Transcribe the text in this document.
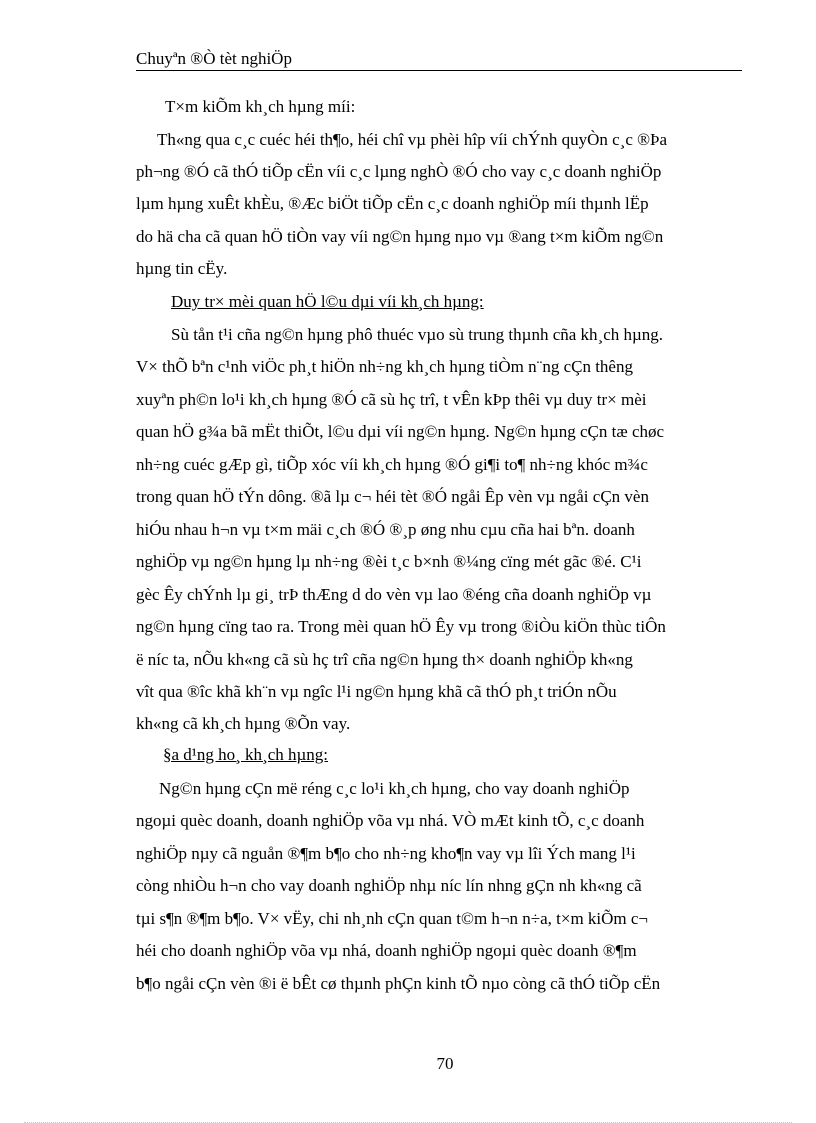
Chuyªn ®Ò tèt nghiÖp
T×m kiÕm kh¸ch hµng míi:
Th«ng qua c¸c cuéc héi th¶o, héi chî vµ phèi hîp víi chÝnh quyÒn c¸c ®Þa
ph¬ng ®Ó cã thÓ tiÕp cËn víi c¸c lµng nghÒ ®Ó cho vay c¸c doanh nghiÖp
lµm hµng xuÊt khÈu, ®Æc biÖt tiÕp cËn c¸c doanh nghiÖp míi thµnh lËp
do hä cha cã quan hÖ tiÒn vay víi ng©n hµng nµo vµ ®ang t×m kiÕm ng©n
hµng tin cËy.
Duy tr× mèi quan hÖ l©u dµi víi kh¸ch hµng:
Sù tån t¹i cña ng©n hµng phô thuéc vµo sù trung thµnh cña kh¸ch hµng.
V× thÕ bªn c¹nh viÖc ph¸t hiÖn nh÷ng kh¸ch hµng tiÒm n¨ng cÇn thêng
xuyªn ph©n lo¹i kh¸ch hµng ®Ó cã sù hç trî, t vÊn kÞp thêi vµ duy tr× mèi
quan hÖ g¾a bã mËt thiÕt, l©u dµi víi ng©n hµng. Ng©n hµng cÇn tæ chøc
nh÷ng cuéc gÆp gì, tiÕp xóc víi kh¸ch hµng ®Ó gi¶i to¶ nh÷ng khóc m¾c
trong quan hÖ tÝn dông. ®ã lµ c¬ héi tèt ®Ó ngåi Êp vèn vµ ngåi cÇn vèn
hiÓu nhau h¬n vµ t×m mäi c¸ch ®Ó ®¸p øng nhu cµu cña hai bªn. doanh
nghiÖp vµ ng©n hµng lµ nh÷ng ®èi t¸c b×nh ®¼ng cïng mét gãc ®é. C¹i
gèc Êy chÝnh lµ gi¸ trÞ thÆng d do vèn vµ lao ®éng cña doanh nghiÖp vµ
ng©n hµng cïng tao ra. Trong mèi quan hÖ Êy vµ trong ®iÒu kiÖn thùc tiÔn
ë níc ta, nÕu kh«ng cã sù hç trî cña ng©n hµng th× doanh nghiÖp kh«ng
vît qua ®îc khã kh¨n vµ ngîc l¹i ng©n hµng khã cã thÓ ph¸t triÓn nÕu
kh«ng cã kh¸ch hµng ®Õn vay.
§a d¹ng ho¸ kh¸ch hµng:
Ng©n hµng cÇn më réng c¸c lo¹i kh¸ch hµng, cho vay doanh nghiÖp
ngoµi quèc doanh, doanh nghiÖp võa vµ nhá. VÒ mÆt kinh tÕ, c¸c doanh
nghiÖp nµy cã nguån ®¶m b¶o cho nh÷ng kho¶n vay vµ lîi Ých mang l¹i
còng nhiÒu h¬n cho vay doanh nghiÖp nhµ níc lín nhng gÇn nh kh«ng cã
tµi s¶n ®¶m b¶o. V× vËy, chi nh¸nh cÇn quan t©m h¬n n÷a, t×m kiÕm c¬
héi cho doanh nghiÖp võa vµ nhá, doanh nghiÖp ngoµi quèc doanh ®¶m
b¶o ngåi cÇn vèn ®i ë bÊt cø thµnh phÇn kinh tÕ nµo còng cã thÓ tiÕp cËn
70
